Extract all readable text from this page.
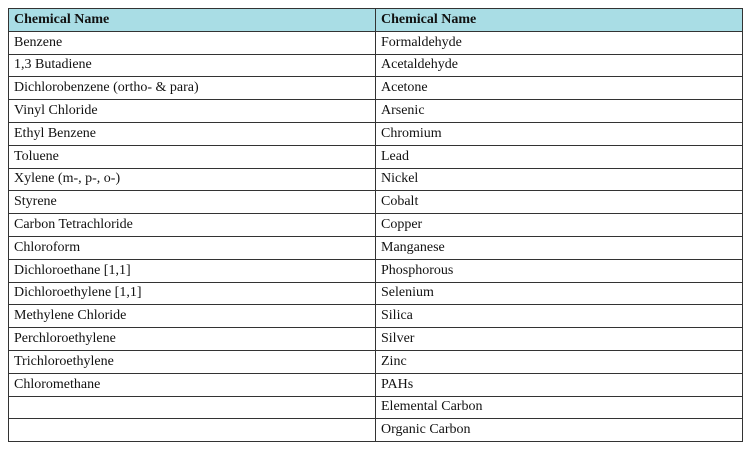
Chemical Name	Chemical Name
Benzene	Formaldehyde
1,3 Butadiene	Acetaldehyde
Dichlorobenzene (ortho- & para)	Acetone
Vinyl Chloride	Arsenic
Ethyl Benzene	Chromium
Toluene	Lead
Xylene (m-, p-, o-)	Nickel
Styrene	Cobalt
Carbon Tetrachloride	Copper
Chloroform	Manganese
Dichloroethane [1,1]	Phosphorous
Dichloroethylene [1,1]	Selenium
Methylene Chloride	Silica
Perchloroethylene	Silver
Trichloroethylene	Zinc
Chloromethane	PAHs
	Elemental Carbon
	Organic Carbon
